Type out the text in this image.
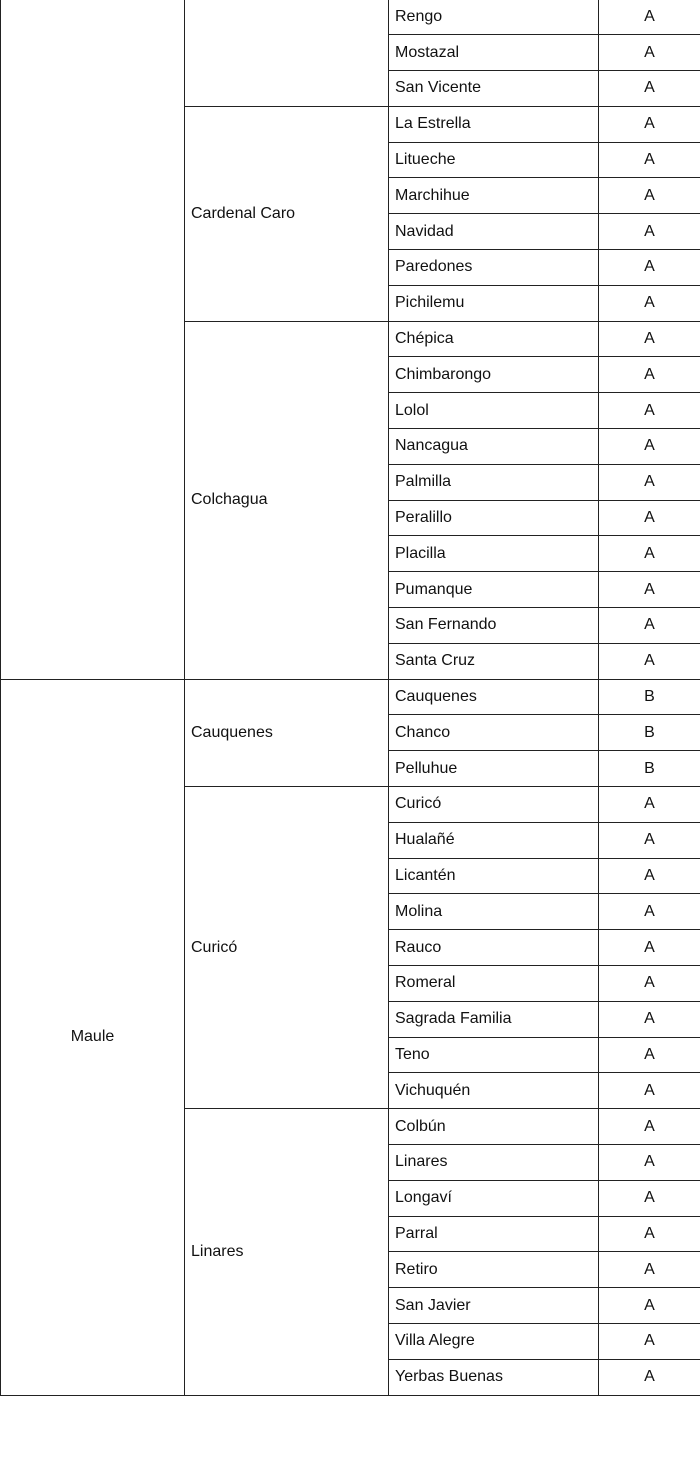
		Rengo	A
		Mostazal	A
		San Vicente	A
	Cardenal Caro	La Estrella	A
		Litueche	A
		Marchihue	A
		Navidad	A
		Paredones	A
		Pichilemu	A
	Colchagua	Chépica	A
		Chimbarongo	A
		Lolol	A
		Nancagua	A
		Palmilla	A
		Peralillo	A
		Placilla	A
		Pumanque	A
		San Fernando	A
		Santa Cruz	A
Maule	Cauquenes	Cauquenes	B
		Chanco	B
		Pelluhue	B
	Curicó	Curicó	A
		Hualañé	A
		Licantén	A
		Molina	A
		Rauco	A
		Romeral	A
		Sagrada Familia	A
		Teno	A
		Vichuquén	A
	Linares	Colbún	A
		Linares	A
		Longaví	A
		Parral	A
		Retiro	A
		San Javier	A
		Villa Alegre	A
		Yerbas Buenas	A
